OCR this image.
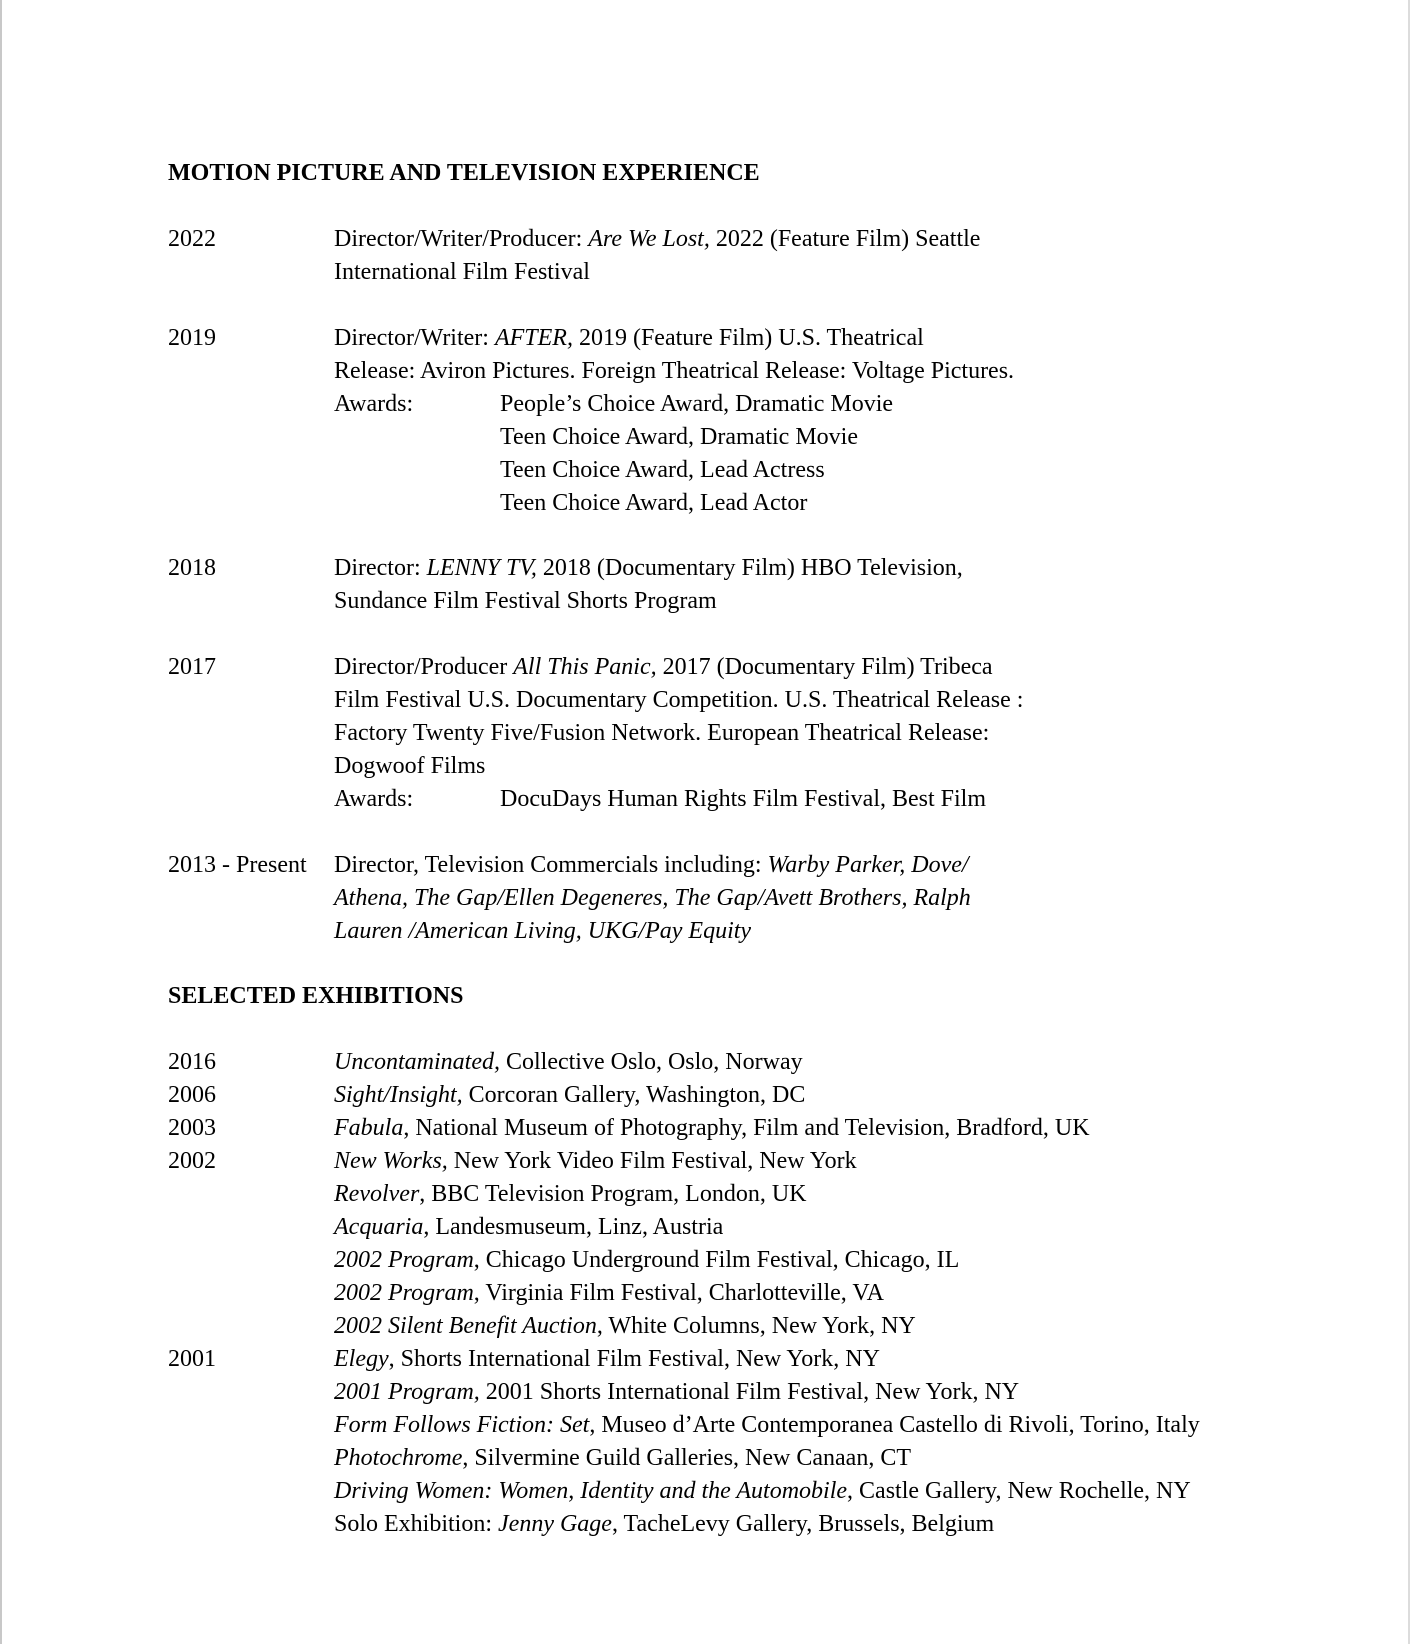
MOTION PICTURE AND TELEVISION EXPERIENCE
2022	Director/Writer/Producer: Are We Lost, 2022 (Feature Film) Seattle
International Film Festival
2019	Director/Writer: AFTER, 2019 (Feature Film) U.S. Theatrical
Release: Aviron Pictures. Foreign Theatrical Release: Voltage Pictures.
Awards:	People’s Choice Award, Dramatic Movie
Teen Choice Award, Dramatic Movie
Teen Choice Award, Lead Actress
Teen Choice Award, Lead Actor
2018	Director: LENNY TV, 2018 (Documentary Film) HBO Television,
Sundance Film Festival Shorts Program
2017	Director/Producer All This Panic, 2017 (Documentary Film) Tribeca
Film Festival U.S. Documentary Competition. U.S. Theatrical Release :
Factory Twenty Five/Fusion Network. European Theatrical Release:
Dogwoof Films
Awards:	DocuDays Human Rights Film Festival, Best Film
2013 - Present	Director, Television Commercials including: Warby Parker, Dove/
Athena, The Gap/Ellen Degeneres, The Gap/Avett Brothers, Ralph
Lauren /American Living, UKG/Pay Equity
SELECTED EXHIBITIONS
2016	Uncontaminated, Collective Oslo, Oslo, Norway
2006	Sight/Insight, Corcoran Gallery, Washington, DC
2003	Fabula, National Museum of Photography, Film and Television, Bradford, UK
2002	New Works, New York Video Film Festival, New York
Revolver, BBC Television Program, London, UK
Acquaria, Landesmuseum, Linz, Austria
2002 Program, Chicago Underground Film Festival, Chicago, IL
2002 Program, Virginia Film Festival, Charlotteville, VA
2002 Silent Benefit Auction, White Columns, New York, NY
2001	Elegy, Shorts International Film Festival, New York, NY
2001 Program, 2001 Shorts International Film Festival, New York, NY
Form Follows Fiction: Set, Museo d’Arte Contemporanea Castello di Rivoli, Torino, Italy
Photochrome, Silvermine Guild Galleries, New Canaan, CT
Driving Women: Women, Identity and the Automobile, Castle Gallery, New Rochelle, NY
Solo Exhibition: Jenny Gage, TacheLevy Gallery, Brussels, Belgium
